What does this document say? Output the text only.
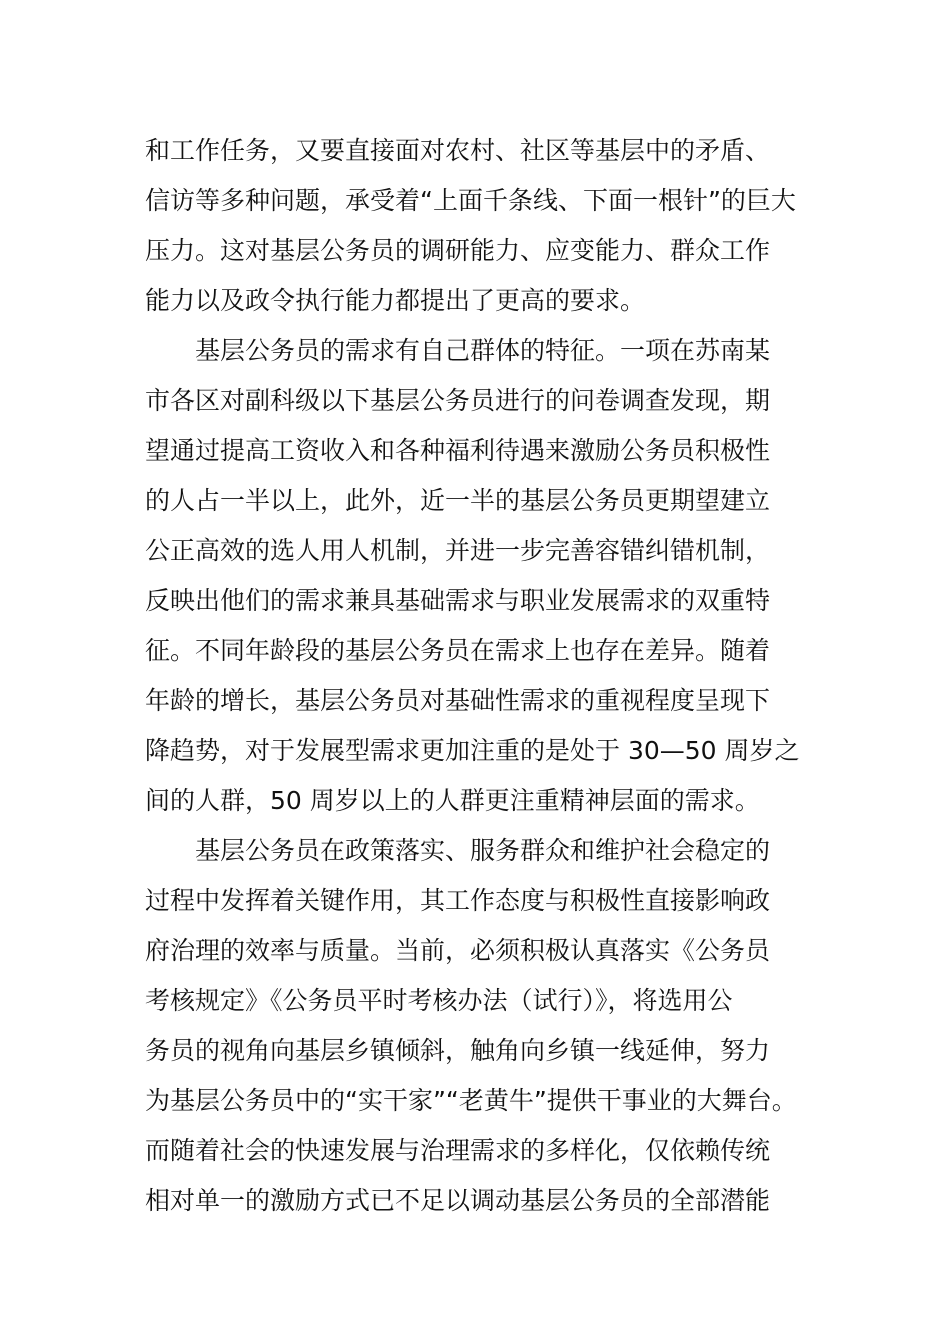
和工作任务，又要直接面对农村、社区等基层中的矛盾、
信访等多种问题，承受着“上面千条线、下面一根针”的巨大
压力。这对基层公务员的调研能力、应变能力、群众工作
能力以及政令执行能力都提出了更高的要求。
基层公务员的需求有自己群体的特征。一项在苏南某
市各区对副科级以下基层公务员进行的问卷调查发现，期
望通过提高工资收入和各种福利待遇来激励公务员积极性
的人占一半以上，此外，近一半的基层公务员更期望建立
公正高效的选人用人机制，并进一步完善容错纠错机制，
反映出他们的需求兼具基础需求与职业发展需求的双重特
征。不同年龄段的基层公务员在需求上也存在差异。随着
年龄的增长，基层公务员对基础性需求的重视程度呈现下
降趋势，对于发展型需求更加注重的是处于 30—50 周岁之
间的人群，50 周岁以上的人群更注重精神层面的需求。
基层公务员在政策落实、服务群众和维护社会稳定的
过程中发挥着关键作用，其工作态度与积极性直接影响政
府治理的效率与质量。当前，必须积极认真落实《公务员
考核规定》《公务员平时考核办法（试行）》，将选用公
务员的视角向基层乡镇倾斜，触角向乡镇一线延伸，努力
为基层公务员中的“实干家”“老黄牛”提供干事业的大舞台。
而随着社会的快速发展与治理需求的多样化，仅依赖传统
相对单一的激励方式已不足以调动基层公务员的全部潜能
